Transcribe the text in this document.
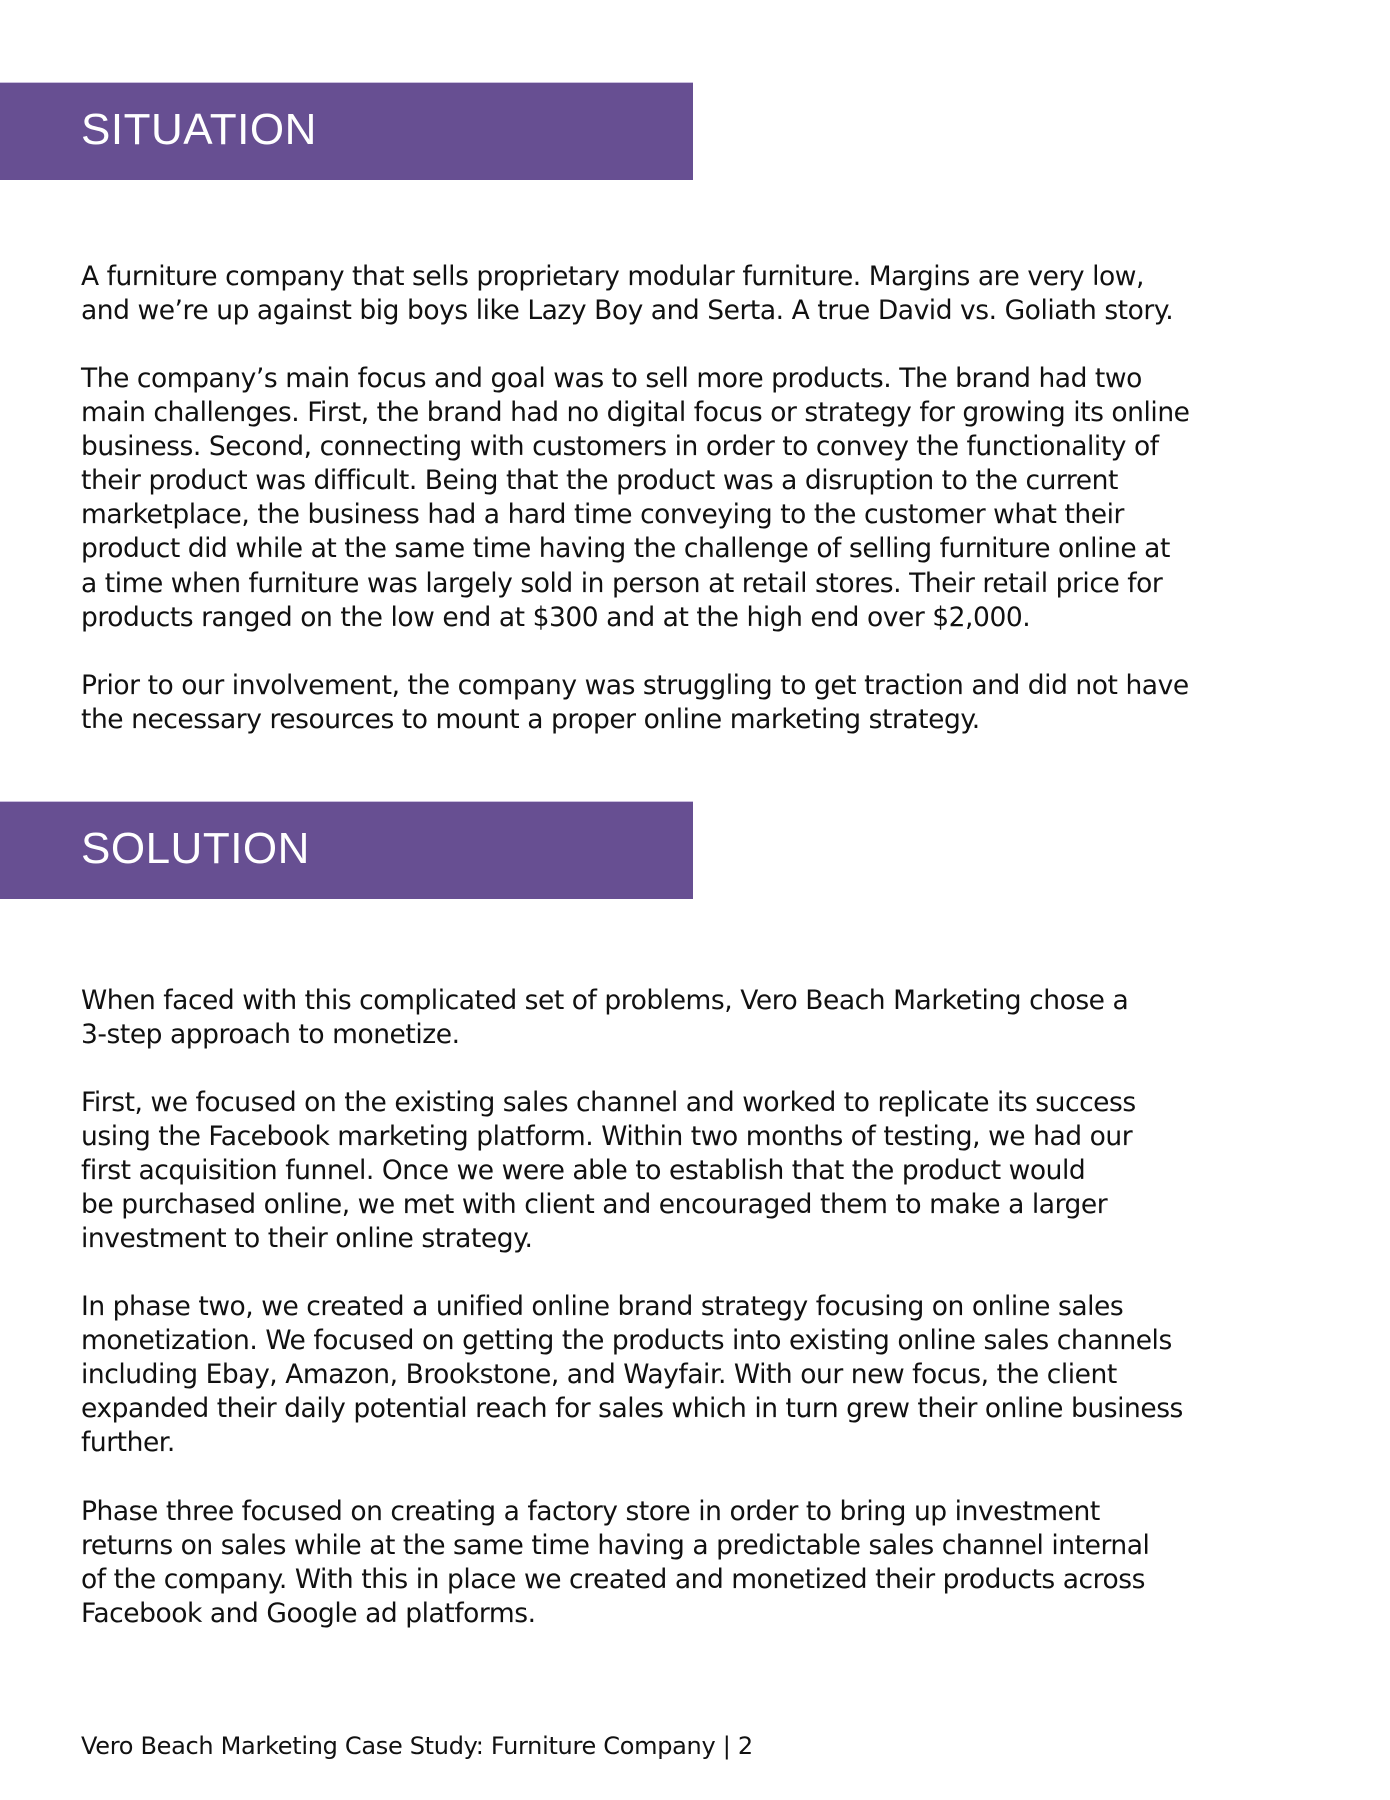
SITUATION
A furniture company that sells proprietary modular furniture. Margins are very low,
and we’re up against big boys like Lazy Boy and Serta. A true David vs. Goliath story.
The company’s main focus and goal was to sell more products. The brand had two
main challenges. First, the brand had no digital focus or strategy for growing its online
business. Second, connecting with customers in order to convey the functionality of
their product was difficult. Being that the product was a disruption to the current
marketplace, the business had a hard time conveying to the customer what their
product did while at the same time having the challenge of selling furniture online at
a time when furniture was largely sold in person at retail stores. Their retail price for
products ranged on the low end at $300 and at the high end over $2,000.
Prior to our involvement, the company was struggling to get traction and did not have
the necessary resources to mount a proper online marketing strategy.
SOLUTION
When faced with this complicated set of problems, Vero Beach Marketing chose a
3-step approach to monetize.
First, we focused on the existing sales channel and worked to replicate its success
using the Facebook marketing platform. Within two months of testing, we had our
first acquisition funnel. Once we were able to establish that the product would
be purchased online, we met with client and encouraged them to make a larger
investment to their online strategy.
In phase two, we created a unified online brand strategy focusing on online sales
monetization. We focused on getting the products into existing online sales channels
including Ebay, Amazon, Brookstone, and Wayfair. With our new focus, the client
expanded their daily potential reach for sales which in turn grew their online business
further.
Phase three focused on creating a factory store in order to bring up investment
returns on sales while at the same time having a predictable sales channel internal
of the company. With this in place we created and monetized their products across
Facebook and Google ad platforms.
Vero Beach Marketing Case Study: Furniture Company | 2
